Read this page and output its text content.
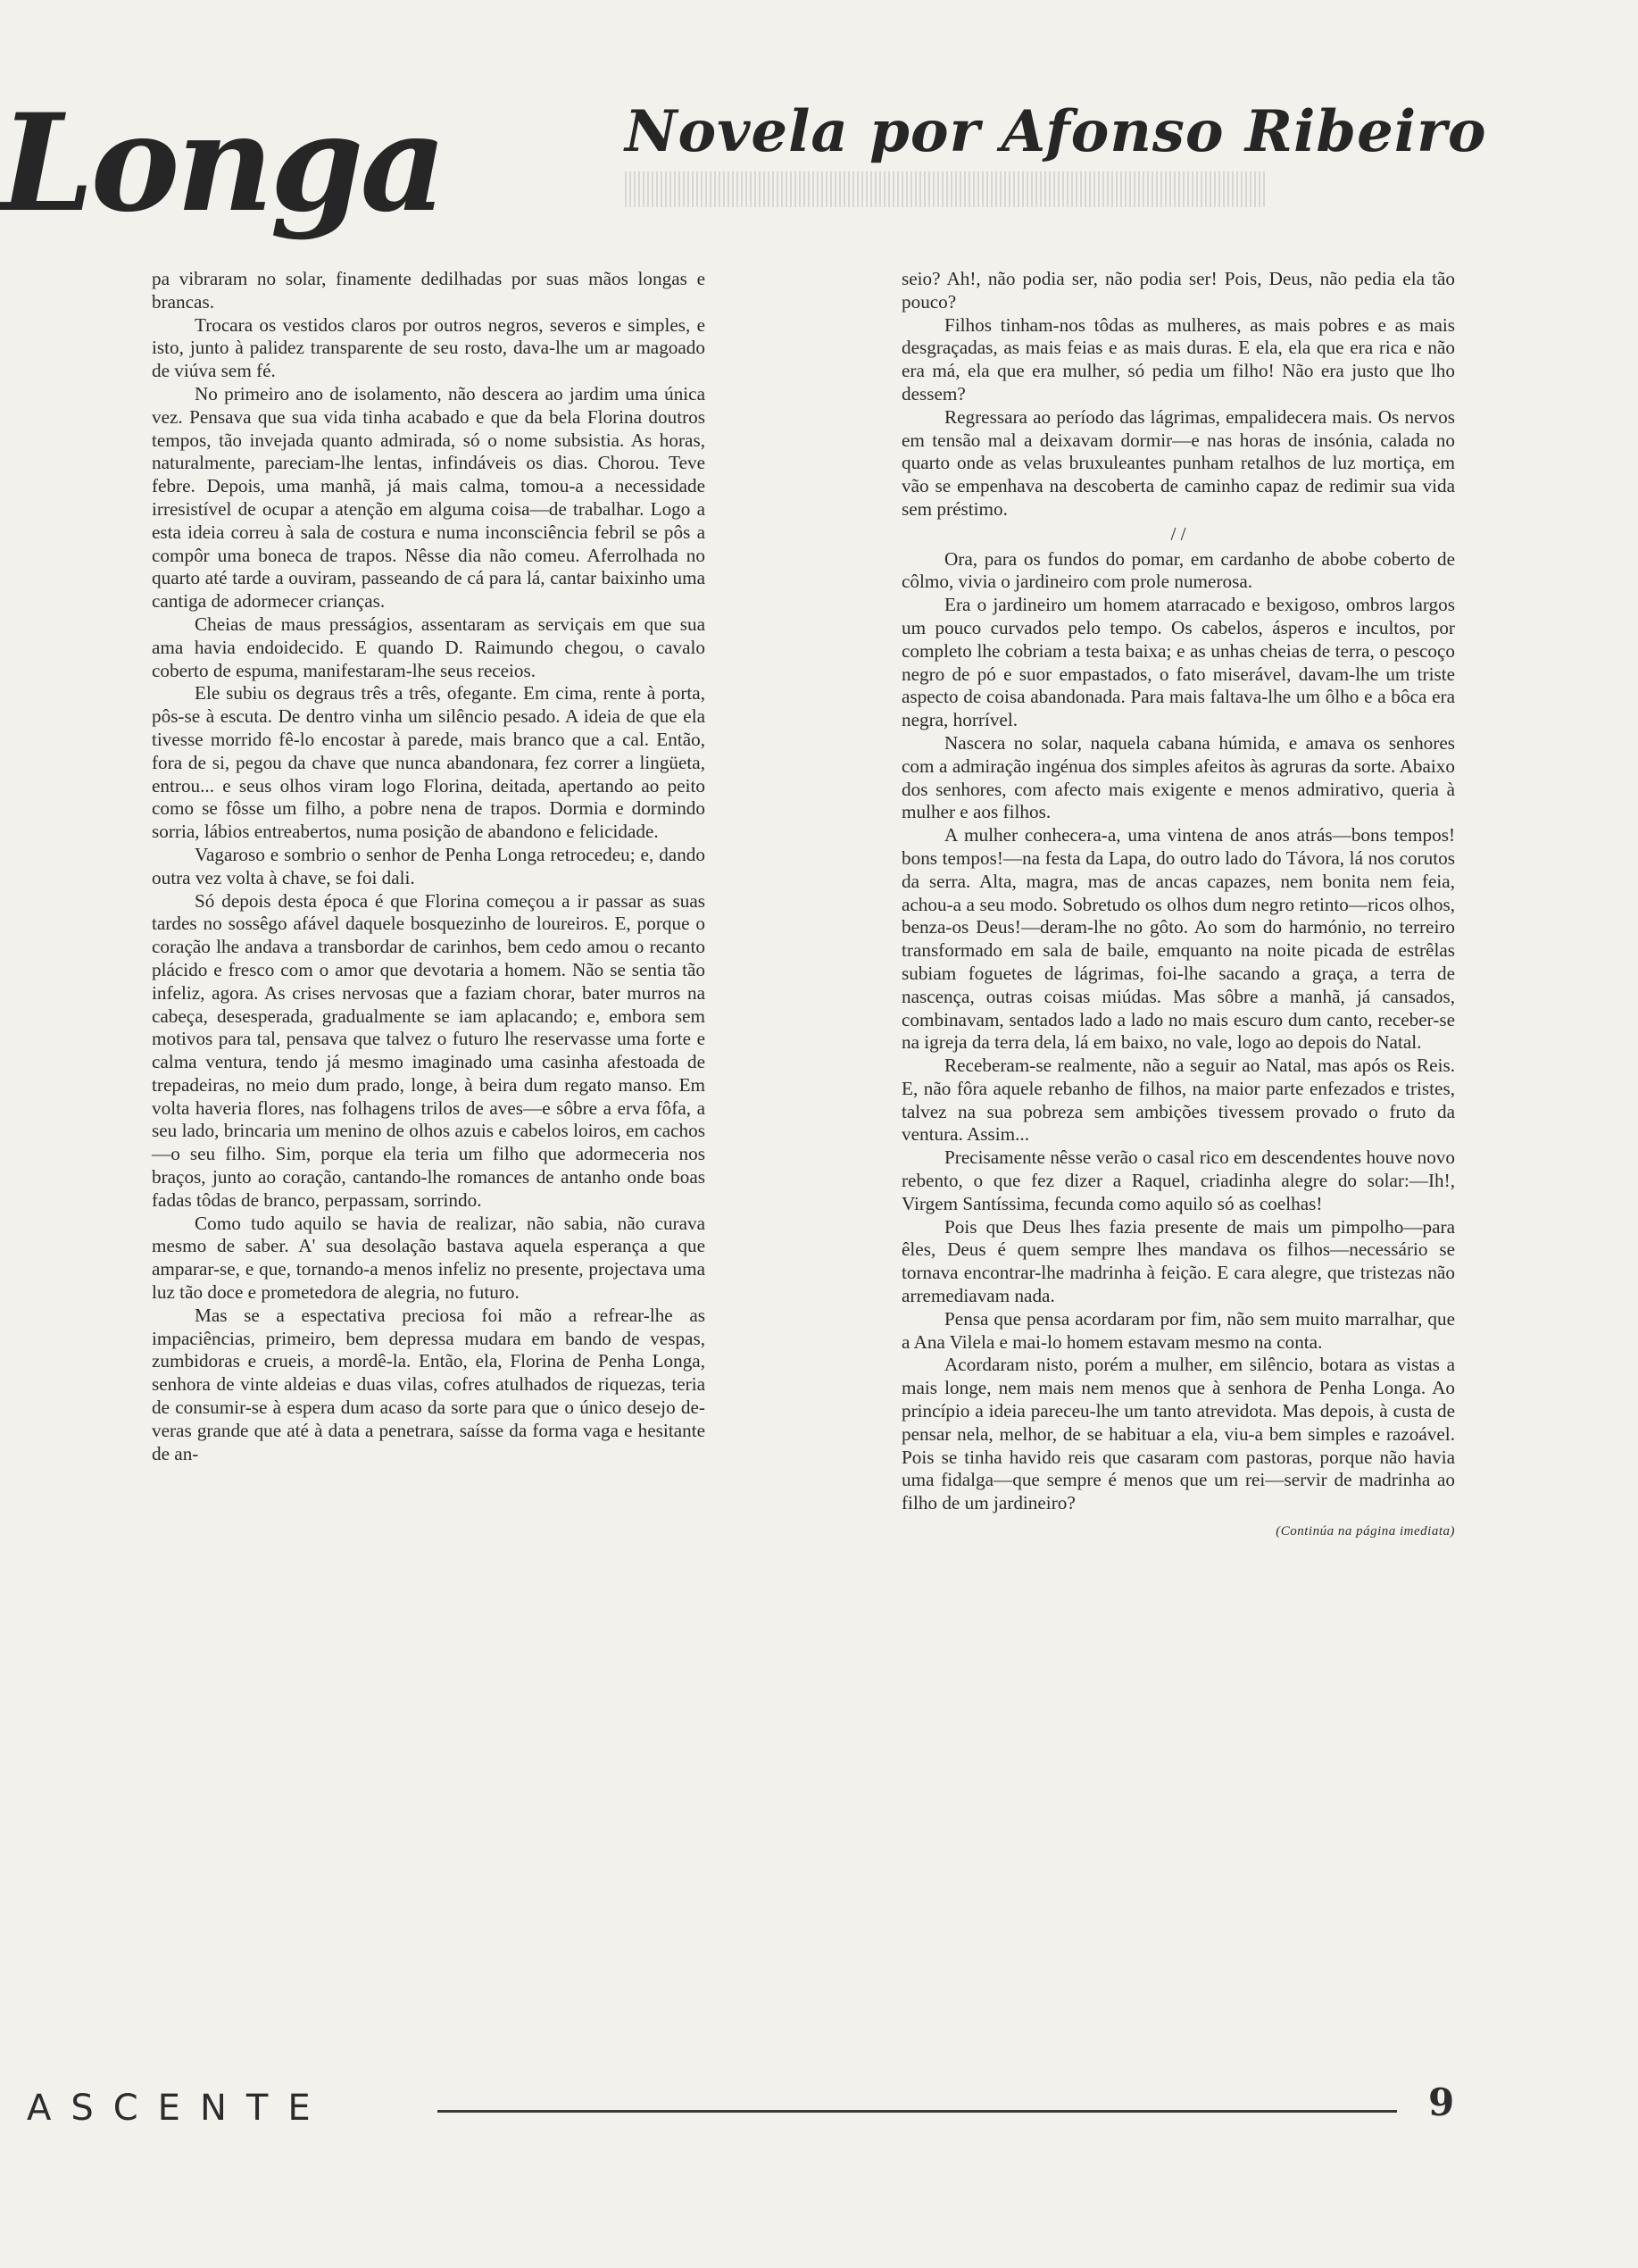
Longa	Novela por Afonso Ribeiro

pa vibraram no solar, finamente dedilhadas por suas mãos longas e brancas.

Trocara os vestidos claros por outros negros, severos e simples, e isto, junto à palidez transparente de seu rosto, dava-lhe um ar magoado de viúva sem fé.

No primeiro ano de isolamento, não descera ao jardim uma única vez. Pensava que sua vida tinha acabado e que da bela Florina doutros tempos, tão invejada quanto admirada, só o nome subsistia. As horas, naturalmente, pareciam-lhe lentas, infindáveis os dias. Chorou. Teve febre. Depois, uma manhã, já mais calma, tomou-a a necessidade irresistível de ocupar a atenção em alguma coisa—de trabalhar. Logo a esta ideia correu à sala de costura e numa inconsciência febril se pôs a compôr uma boneca de trapos. Nêsse dia não comeu. Aferrolhada no quarto até tarde a ouviram, passeando de cá para lá, cantar baixinho uma cantiga de adormecer crianças.

Cheias de maus presságios, assentaram as serviçais em que sua ama havia endoidecido. E quando D. Raimundo chegou, o cavalo coberto de espuma, manifestaram-lhe seus receios.

Ele subiu os degraus três a três, ofegante. Em cima, rente à porta, pôs-se à escuta. De dentro vinha um silêncio pesado. A ideia de que ela tivesse morrido fê-lo encostar à parede, mais branco que a cal. Então, fora de si, pegou da chave que nunca abandonara, fez correr a lingüeta, entrou... e seus olhos viram logo Florina, deitada, apertando ao peito como se fôsse um filho, a pobre nena de trapos. Dormia e dormindo sorria, lábios entreabertos, numa posição de abandono e felicidade.

Vagaroso e sombrio o senhor de Penha Longa retrocedeu; e, dando outra vez volta à chave, se foi dali.

Só depois desta época é que Florina começou a ir passar as suas tardes no sossêgo afável daquele bosquezinho de loureiros. E, porque o coração lhe andava a transbordar de carinhos, bem cedo amou o recanto plácido e fresco com o amor que devotaria a homem. Não se sentia tão infeliz, agora. As crises nervosas que a faziam chorar, bater murros na cabeça, desesperada, gradualmente se iam aplacando; e, embora sem motivos para tal, pensava que talvez o futuro lhe reservasse uma forte e calma ventura, tendo já mesmo imaginado uma casinha afestoada de trepadeiras, no meio dum prado, longe, à beira dum regato manso. Em volta haveria flores, nas folhagens trilos de aves—e sôbre a erva fôfa, a seu lado, brincaria um menino de olhos azuis e cabelos loiros, em cachos—o seu filho. Sim, porque ela teria um filho que adormeceria nos braços, junto ao coração, cantando-lhe romances de antanho onde boas fadas tôdas de branco, perpassam, sorrindo.

Como tudo aquilo se havia de realizar, não sabia, não curava mesmo de saber. A' sua desolação bastava aquela esperança a que amparar-se, e que, tornando-a menos infeliz no presente, projectava uma luz tão doce e prometedora de alegria, no futuro.

Mas se a espectativa preciosa foi mão a refrear-lhe as impaciências, primeiro, bem depressa mudara em bando de vespas, zumbidoras e crueis, a mordê-la. Então, ela, Florina de Penha Longa, senhora de vinte aldeias e duas vilas, cofres atulhados de riquezas, teria de consumir-se à espera dum acaso da sorte para que o único desejo de-veras grande que até à data a penetrara, saísse da forma vaga e hesitante de an-

seio? Ah!, não podia ser, não podia ser! Pois, Deus, não pedia ela tão pouco?

Filhos tinham-nos tôdas as mulheres, as mais pobres e as mais desgraçadas, as mais feias e as mais duras. E ela, ela que era rica e não era má, ela que era mulher, só pedia um filho! Não era justo que lho dessem?

Regressara ao período das lágrimas, empalidecera mais. Os nervos em tensão mal a deixavam dormir—e nas horas de insónia, calada no quarto onde as velas bruxuleantes punham retalhos de luz mortiça, em vão se empenhava na descoberta de caminho capaz de redimir sua vida sem préstimo.

/ /

Ora, para os fundos do pomar, em cardanho de abobe coberto de côlmo, vivia o jardineiro com prole numerosa.

Era o jardineiro um homem atarracado e bexigoso, ombros largos um pouco curvados pelo tempo. Os cabelos, ásperos e incultos, por completo lhe cobriam a testa baixa; e as unhas cheias de terra, o pescoço negro de pó e suor empastados, o fato miserável, davam-lhe um triste aspecto de coisa abandonada. Para mais faltava-lhe um ôlho e a bôca era negra, horrível.

Nascera no solar, naquela cabana húmida, e amava os senhores com a admiração ingénua dos simples afeitos às agruras da sorte. Abaixo dos senhores, com afecto mais exigente e menos admirativo, queria à mulher e aos filhos.

A mulher conhecera-a, uma vintena de anos atrás—bons tempos! bons tempos!—na festa da Lapa, do outro lado do Távora, lá nos corutos da serra. Alta, magra, mas de ancas capazes, nem bonita nem feia, achou-a a seu modo. Sobretudo os olhos dum negro retinto—ricos olhos, benza-os Deus!—deram-lhe no gôto. Ao som do harmónio, no terreiro transformado em sala de baile, emquanto na noite picada de estrêlas subiam foguetes de lágrimas, foi-lhe sacando a graça, a terra de nascença, outras coisas miúdas. Mas sôbre a manhã, já cansados, combinavam, sentados lado a lado no mais escuro dum canto, receber-se na igreja da terra dela, lá em baixo, no vale, logo ao depois do Natal.

Receberam-se realmente, não a seguir ao Natal, mas após os Reis. E, não fôra aquele rebanho de filhos, na maior parte enfezados e tristes, talvez na sua pobreza sem ambições tivessem provado o fruto da ventura. Assim...

Precisamente nêsse verão o casal rico em descendentes houve novo rebento, o que fez dizer a Raquel, criadinha alegre do solar:—Ih!, Virgem Santíssima, fecunda como aquilo só as coelhas!

Pois que Deus lhes fazia presente de mais um pimpolho—para êles, Deus é quem sempre lhes mandava os filhos—necessário se tornava encontrar-lhe madrinha à feição. E cara alegre, que tristezas não arremediavam nada.

Pensa que pensa acordaram por fim, não sem muito marralhar, que a Ana Vilela e mai-lo homem estavam mesmo na conta.

Acordaram nisto, porém a mulher, em silêncio, botara as vistas a mais longe, nem mais nem menos que à senhora de Penha Longa. Ao princípio a ideia pareceu-lhe um tanto atrevidota. Mas depois, à custa de pensar nela, melhor, de se habituar a ela, viu-a bem simples e razoável. Pois se tinha havido reis que casaram com pastoras, porque não havia uma fidalga—que sempre é menos que um rei—servir de madrinha ao filho de um jardineiro?

(Continúa na página imediata)
ASCENTE	9
